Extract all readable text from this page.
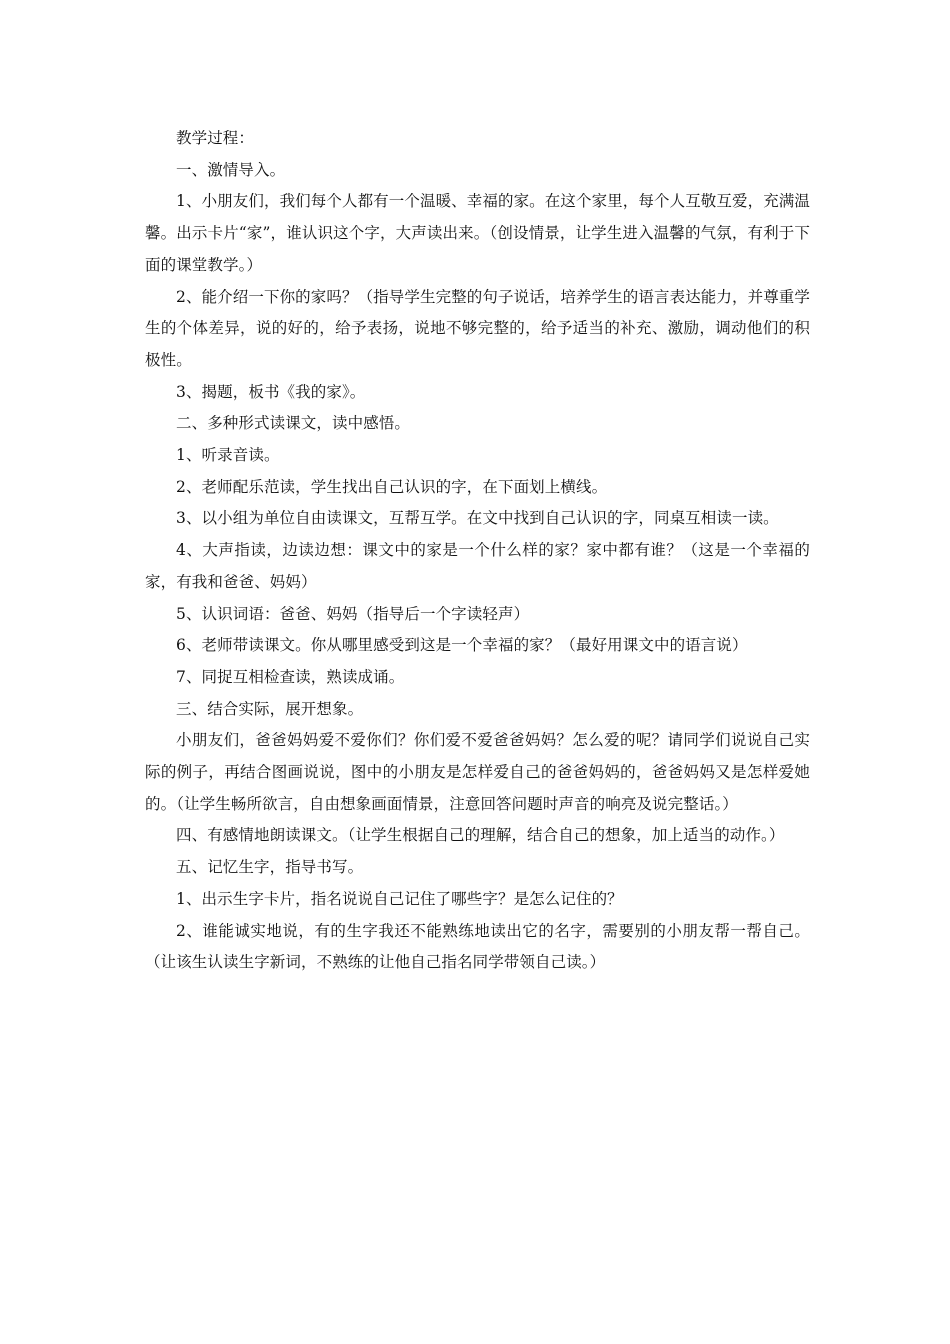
教学过程：

一、激情导入。

1、小朋友们，我们每个人都有一个温暖、幸福的家。在这个家里，每个人互敬互爱，充满温馨。出示卡片“家”，谁认识这个字，大声读出来。（创设情景，让学生进入温馨的气氛，有利于下面的课堂教学。）

2、能介绍一下你的家吗？（指导学生完整的句子说话，培养学生的语言表达能力，并尊重学生的个体差异，说的好的，给予表扬，说地不够完整的，给予适当的补充、激励，调动他们的积极性。

3、揭题，板书《我的家》。

二、多种形式读课文，读中感悟。

1、听录音读。

2、老师配乐范读，学生找出自己认识的字，在下面划上横线。

3、以小组为单位自由读课文，互帮互学。在文中找到自己认识的字，同桌互相读一读。

4、大声指读，边读边想：课文中的家是一个什么样的家？家中都有谁？（这是一个幸福的家，有我和爸爸、妈妈）

5、认识词语：爸爸、妈妈（指导后一个字读轻声）

6、老师带读课文。你从哪里感受到这是一个幸福的家？（最好用课文中的语言说）

7、同捉互相检查读，熟读成诵。

三、结合实际，展开想象。

小朋友们，爸爸妈妈爱不爱你们？你们爱不爱爸爸妈妈？怎么爱的呢？请同学们说说自己实际的例子，再结合图画说说，图中的小朋友是怎样爱自己的爸爸妈妈的，爸爸妈妈又是怎样爱她的。（让学生畅所欲言，自由想象画面情景，注意回答问题时声音的响亮及说完整话。）

四、有感情地朗读课文。（让学生根据自己的理解，结合自己的想象，加上适当的动作。）

五、记忆生字，指导书写。

1、出示生字卡片，指名说说自己记住了哪些字？是怎么记住的？

2、谁能诚实地说，有的生字我还不能熟练地读出它的名字，需要别的小朋友帮一帮自己。（让该生认读生字新词，不熟练的让他自己指名同学带领自己读。）
